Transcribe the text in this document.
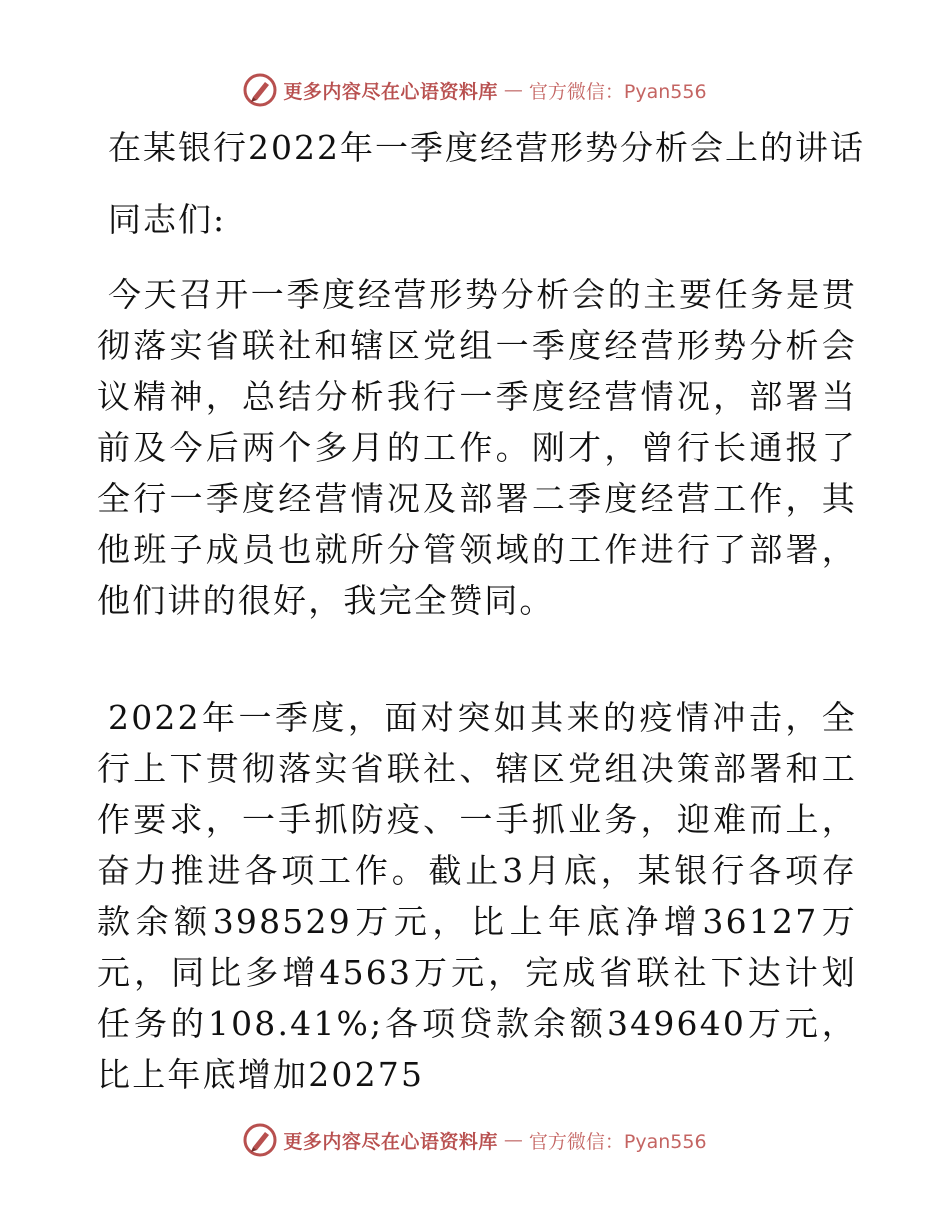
更多内容尽在心语资料库 — 官方微信：Pyan556
在某银行2022年一季度经营形势分析会上的讲话
同志们:
今天召开一季度经营形势分析会的主要任务是贯彻落实省联社和辖区党组一季度经营形势分析会议精神，总结分析我行一季度经营情况，部署当前及今后两个多月的工作。刚才，曾行长通报了全行一季度经营情况及部署二季度经营工作，其他班子成员也就所分管领域的工作进行了部署，他们讲的很好，我完全赞同。
2022年一季度，面对突如其来的疫情冲击，全行上下贯彻落实省联社、辖区党组决策部署和工作要求，一手抓防疫、一手抓业务，迎难而上，奋力推进各项工作。截止3月底，某银行各项存款余额398529万元，比上年底净增36127万元，同比多增4563万元，完成省联社下达计划任务的108.41%;各项贷款余额349640万元，比上年底增加20275
更多内容尽在心语资料库 — 官方微信：Pyan556
